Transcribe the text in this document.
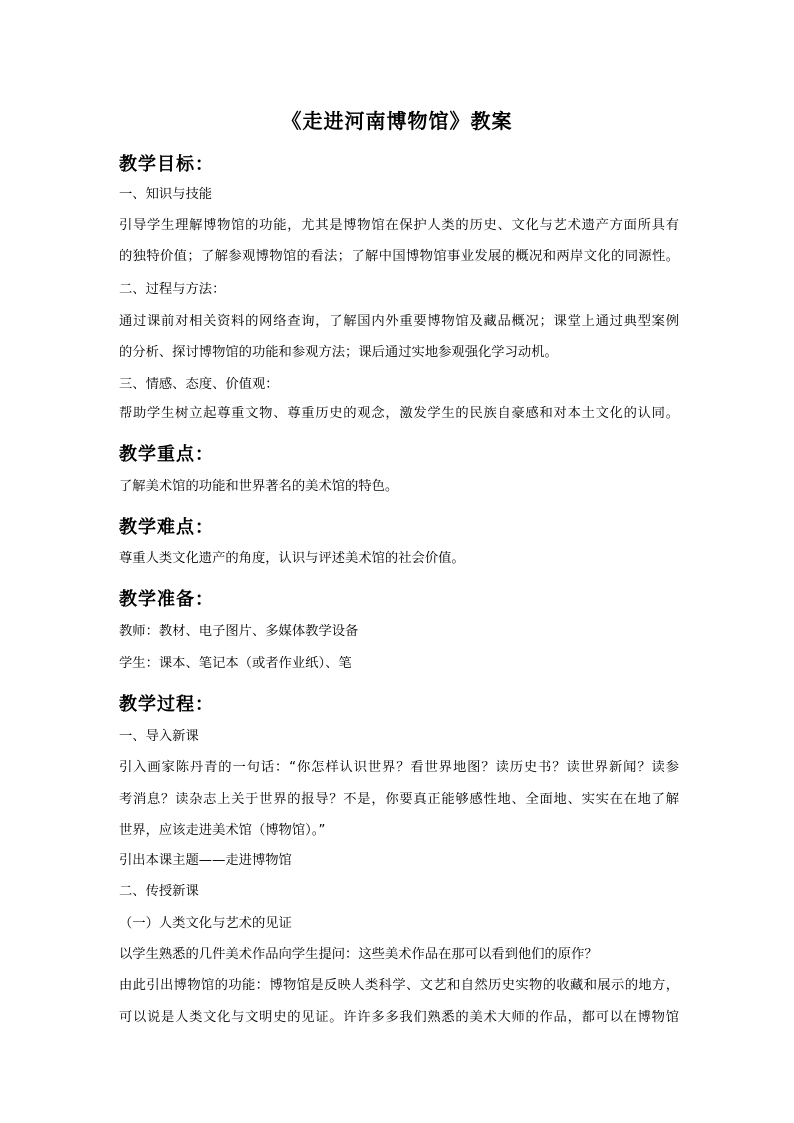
《走进河南博物馆》教案
教学目标：
一、知识与技能
引导学生理解博物馆的功能，尤其是博物馆在保护人类的历史、文化与艺术遗产方面所具有
的独特价值；了解参观博物馆的看法；了解中国博物馆事业发展的概况和两岸文化的同源性。
二、过程与方法：
通过课前对相关资料的网络查询，了解国内外重要博物馆及藏品概况；课堂上通过典型案例
的分析、探讨博物馆的功能和参观方法；课后通过实地参观强化学习动机。
三、情感、态度、价值观：
帮助学生树立起尊重文物、尊重历史的观念，激发学生的民族自豪感和对本土文化的认同。
教学重点：
了解美术馆的功能和世界著名的美术馆的特色。
教学难点：
尊重人类文化遗产的角度，认识与评述美术馆的社会价值。
教学准备：
教师：教材、电子图片、多媒体教学设备
学生：课本、笔记本（或者作业纸）、笔
教学过程：
一、导入新课
引入画家陈丹青的一句话：“你怎样认识世界？看世界地图？读历史书？读世界新闻？读参
考消息？读杂志上关于世界的报导？不是，你要真正能够感性地、全面地、实实在在地了解
世界，应该走进美术馆（博物馆）。”
引出本课主题——走进博物馆
二、传授新课
（一）人类文化与艺术的见证
以学生熟悉的几件美术作品向学生提问：这些美术作品在那可以看到他们的原作？
由此引出博物馆的功能：博物馆是反映人类科学、文艺和自然历史实物的收藏和展示的地方，
可以说是人类文化与文明史的见证。许许多多我们熟悉的美术大师的作品，都可以在博物馆
